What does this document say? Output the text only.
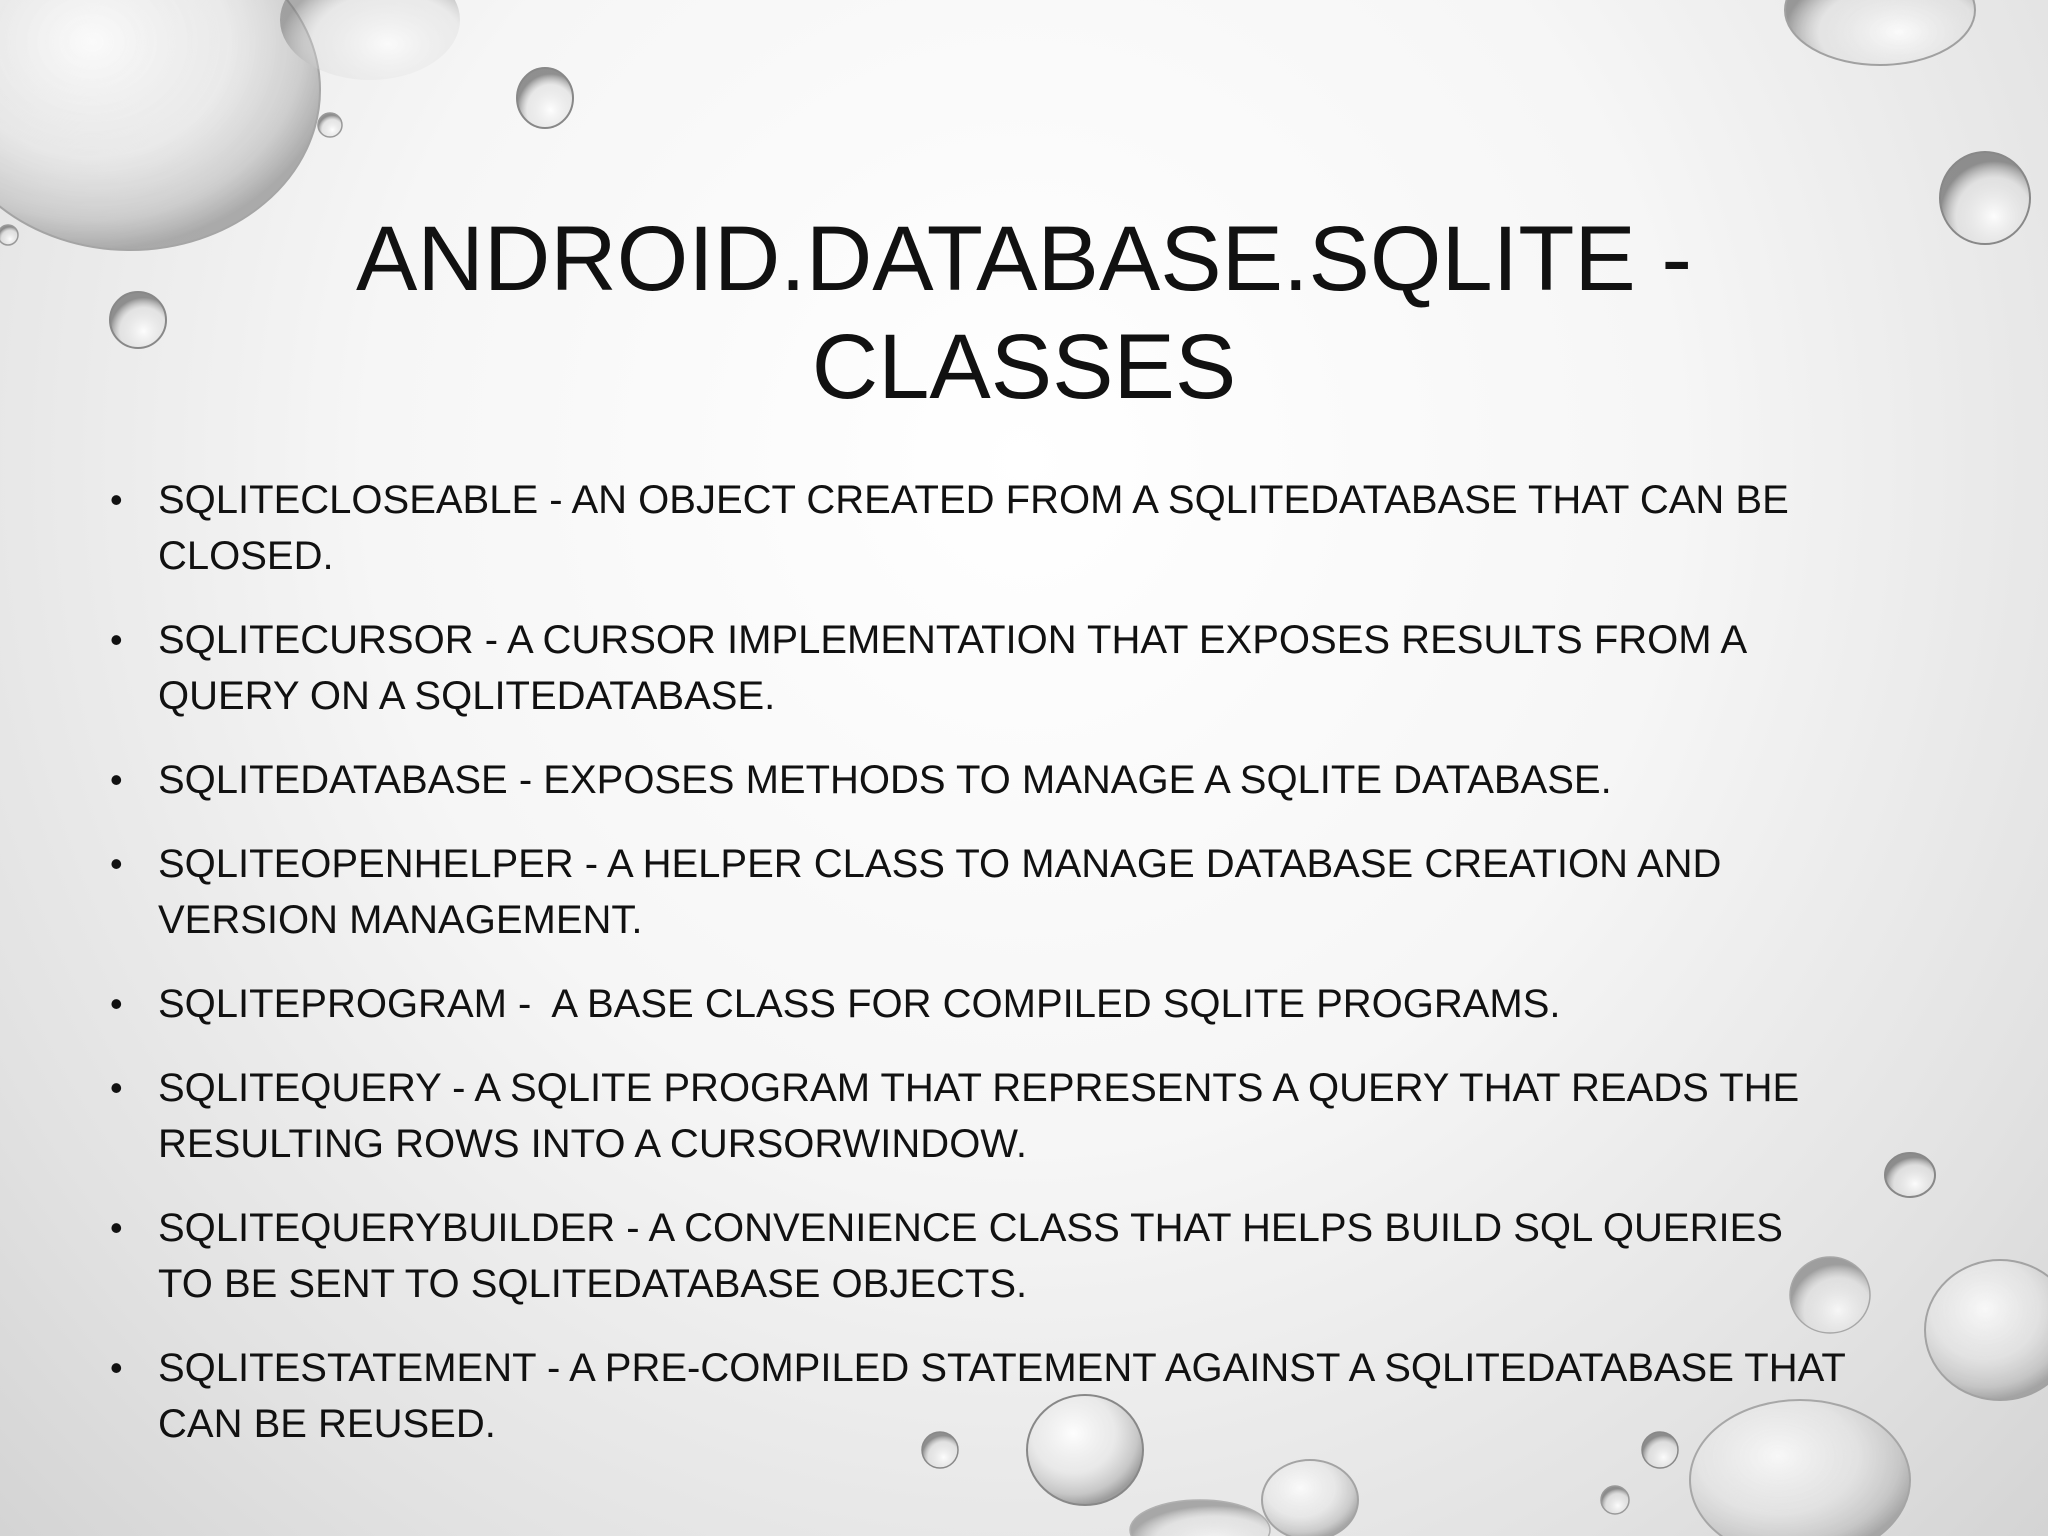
ANDROID.DATABASE.SQLITE -
CLASSES
• SQLITECLOSEABLE - AN OBJECT CREATED FROM A SQLITEDATABASE THAT CAN BE
CLOSED.
• SQLITECURSOR - A CURSOR IMPLEMENTATION THAT EXPOSES RESULTS FROM A
QUERY ON A SQLITEDATABASE.
• SQLITEDATABASE - EXPOSES METHODS TO MANAGE A SQLITE DATABASE.
• SQLITEOPENHELPER - A HELPER CLASS TO MANAGE DATABASE CREATION AND
VERSION MANAGEMENT.
• SQLITEPROGRAM -  A BASE CLASS FOR COMPILED SQLITE PROGRAMS.
• SQLITEQUERY - A SQLITE PROGRAM THAT REPRESENTS A QUERY THAT READS THE
RESULTING ROWS INTO A CURSORWINDOW.
• SQLITEQUERYBUILDER - A CONVENIENCE CLASS THAT HELPS BUILD SQL QUERIES
TO BE SENT TO SQLITEDATABASE OBJECTS.
• SQLITESTATEMENT - A PRE-COMPILED STATEMENT AGAINST A SQLITEDATABASE THAT
CAN BE REUSED.
